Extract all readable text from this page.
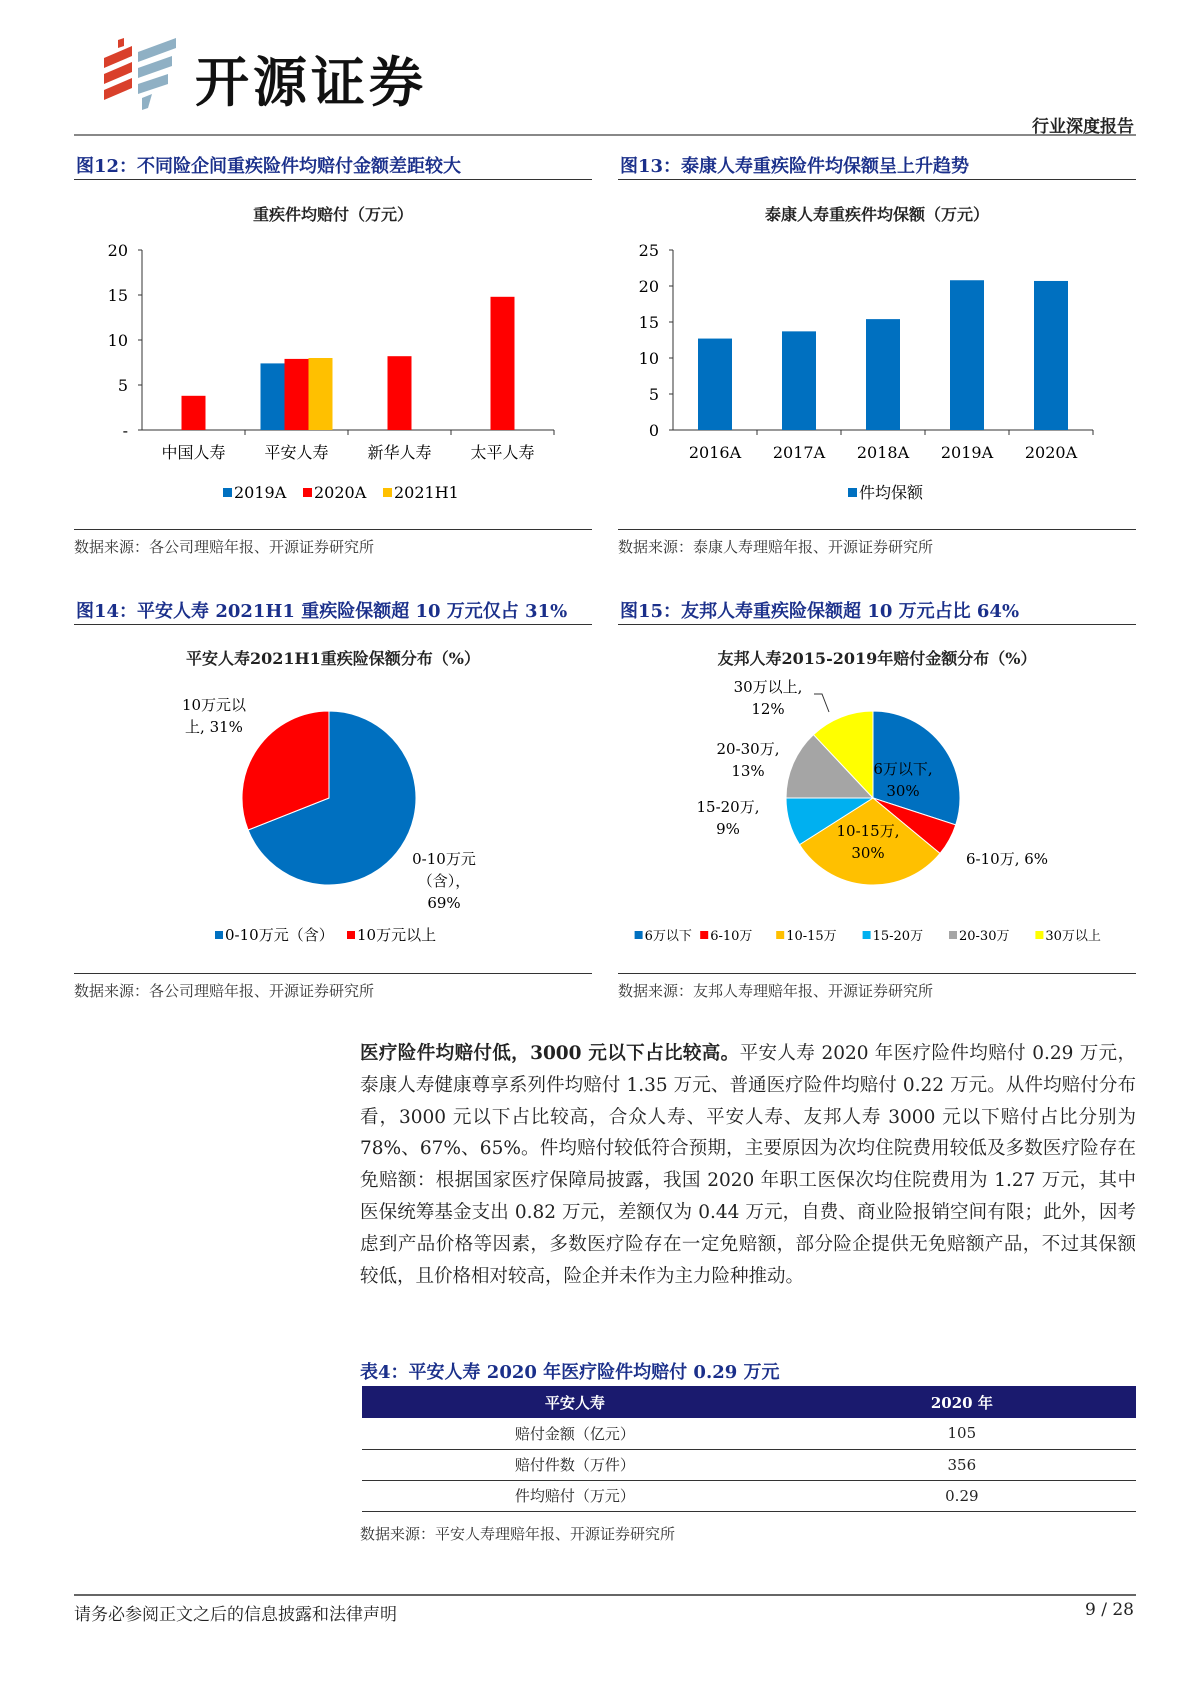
开源证券
行业深度报告
图12：不同险企间重疾险件均赔付金额差距较大	图13：泰康人寿重疾险件均保额呈上升趋势
重疾件均赔付（万元）	泰康人寿重疾件均保额（万元）
-
5
10
15
20
中国人寿 平安人寿 新华人寿 太平人寿
2019A 2020A 2021H1
0
5
10
15
20
25
2016A 2017A 2018A 2019A 2020A
件均保额
数据来源：各公司理赔年报、开源证券研究所	数据来源：泰康人寿理赔年报、开源证券研究所
图14：平安人寿 2021H1 重疾险保额超 10 万元仅占 31%	图15：友邦人寿重疾险保额超 10 万元占比 64%
平安人寿2021H1重疾险保额分布（%）	友邦人寿2015-2019年赔付金额分布（%）
0-10万元
（含），
69%
10万元以
上, 31%
0-10万元（含） 10万元以上
6万以下,
30%
6-10万, 6%
10-15万,
30%
15-20万,
9%
20-30万,
13%
30万以上,
12%
6万以下 6-10万	10-15万	15-20万	20-30万	30万以上
数据来源：各公司理赔年报、开源证券研究所	数据来源：友邦人寿理赔年报、开源证券研究所
医疗险件均赔付低，3000 元以下占比较高。平安人寿 2020 年医疗险件均赔付 0.29 万元，泰康人寿健康尊享系列件均赔付 1.35 万元、普通医疗险件均赔付 0.22 万元。从件均赔付分布看，3000 元以下占比较高，合众人寿、平安人寿、友邦人寿 3000 元以下赔付占比分别为 78%、67%、65%。件均赔付较低符合预期，主要原因为次均住院费用较低及多数医疗险存在免赔额：根据国家医疗保障局披露，我国 2020 年职工医保次均住院费用为 1.27 万元，其中医保统筹基金支出 0.82 万元，差额仅为 0.44 万元，自费、商业险报销空间有限；此外，因考虑到产品价格等因素，多数医疗险存在一定免赔额，部分险企提供无免赔额产品，不过其保额较低，且价格相对较高，险企并未作为主力险种推动。
表4：平安人寿 2020 年医疗险件均赔付 0.29 万元
平安人寿	2020 年
赔付金额（亿元）	105
赔付件数（万件）	356
件均赔付（万元）	0.29
数据来源：平安人寿理赔年报、开源证券研究所
请务必参阅正文之后的信息披露和法律声明	9 / 28
